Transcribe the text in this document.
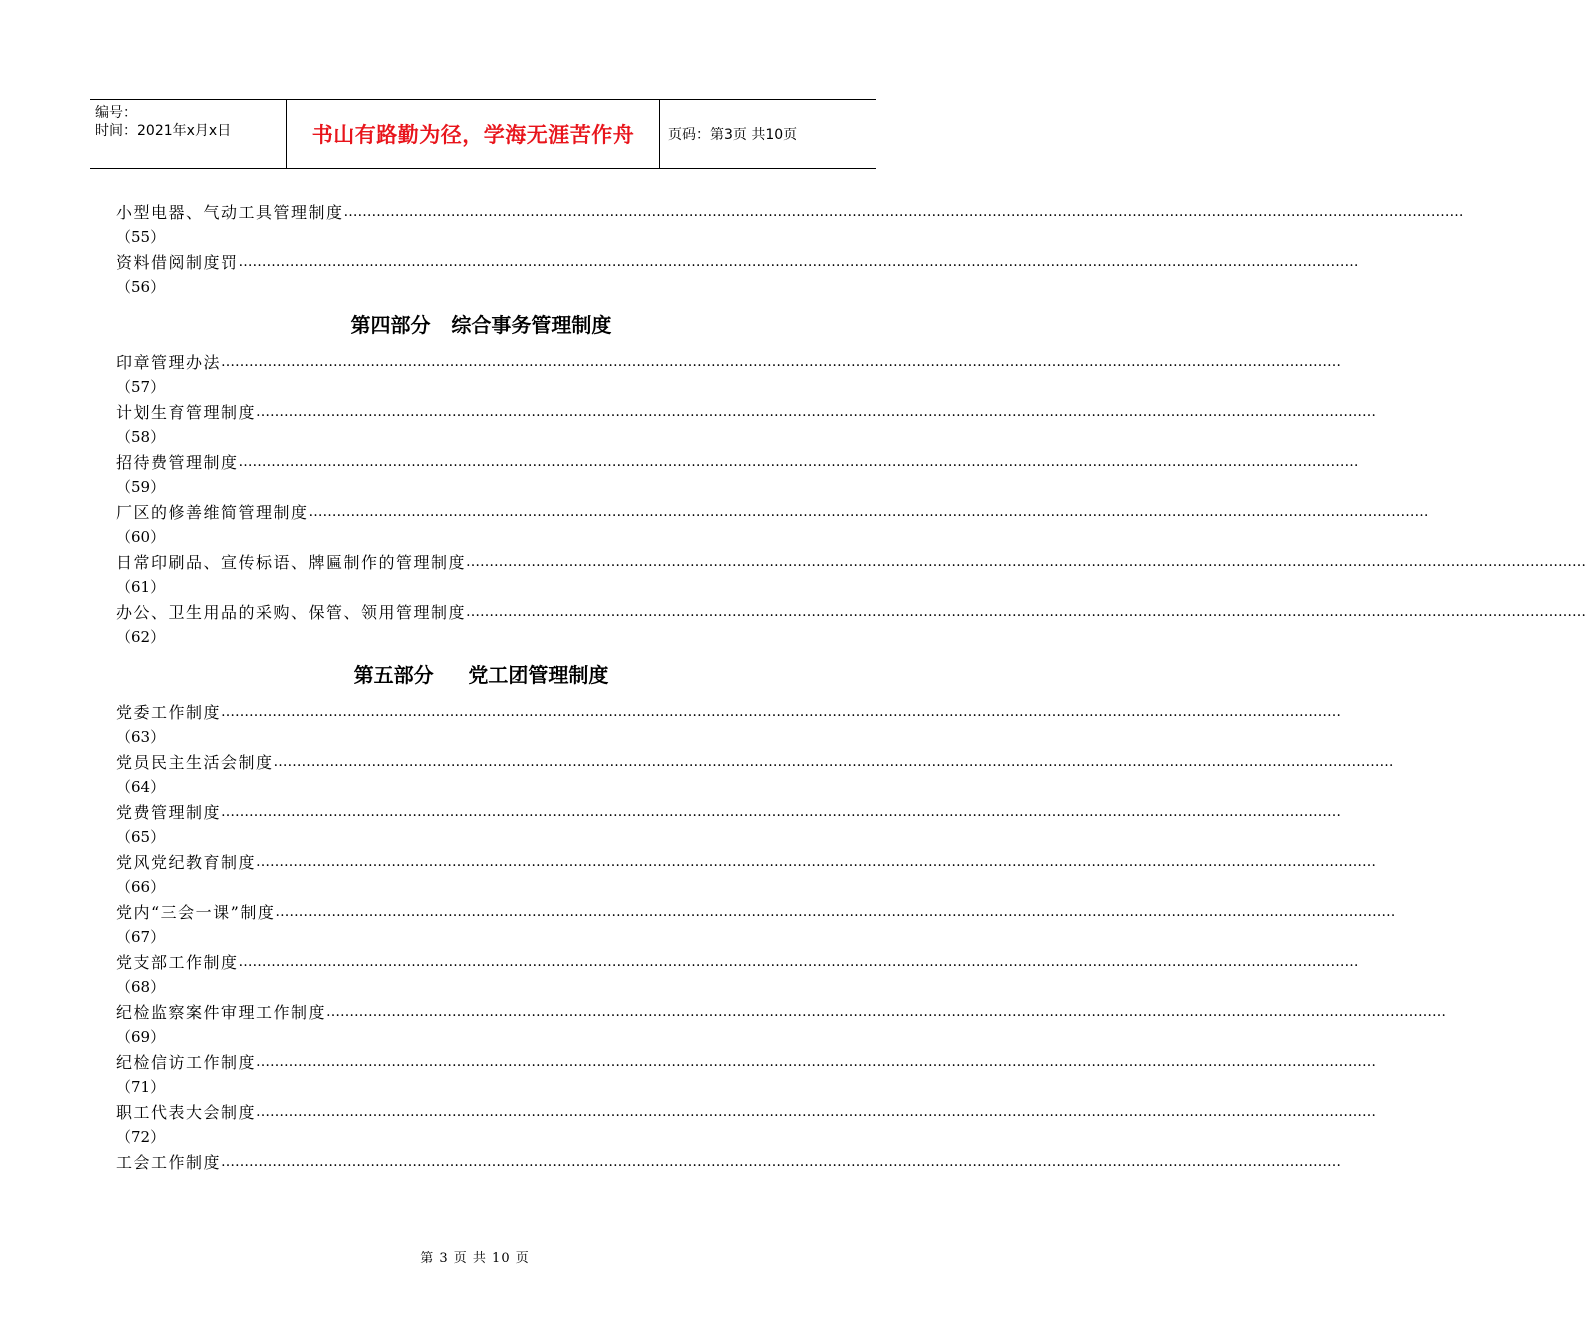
编号：
时间：2021年x月x日	书山有路勤为径，学海无涯苦作舟 页码：第3页 共10页
小型电器、气动工具管理制度 ……………………………………………………………………………………………………………………………………………………………………………………………………………………
（55）
资料借阅制度罚 ……………………………………………………………………………………………………………………………………………………………………………………………………………………
（56）
第四部分   综合事务管理制度
印章管理办法 ……………………………………………………………………………………………………………………………………………………………………………………………………………………
（57）
计划生育管理制度 ……………………………………………………………………………………………………………………………………………………………………………………………………………………
（58）
招待费管理制度 ……………………………………………………………………………………………………………………………………………………………………………………………………………………
（59）
厂区的修善维简管理制度 ……………………………………………………………………………………………………………………………………………………………………………………………………………………
（60）
日常印刷品、宣传标语、牌匾制作的管理制度 ……………………………………………………………………………………………………………………………………………………………………………………………………………………
（61）
办公、卫生用品的采购、保管、领用管理制度 ……………………………………………………………………………………………………………………………………………………………………………………………………………………
（62）
第五部分     党工团管理制度
党委工作制度 ……………………………………………………………………………………………………………………………………………………………………………………………………………………
（63）
党员民主生活会制度 ……………………………………………………………………………………………………………………………………………………………………………………………………………………
（64）
党费管理制度 ……………………………………………………………………………………………………………………………………………………………………………………………………………………
（65）
党风党纪教育制度 ……………………………………………………………………………………………………………………………………………………………………………………………………………………
（66）
党内“三会一课”制度 ……………………………………………………………………………………………………………………………………………………………………………………………………………………
（67）
党支部工作制度 ……………………………………………………………………………………………………………………………………………………………………………………………………………………
（68）
纪检监察案件审理工作制度 ……………………………………………………………………………………………………………………………………………………………………………………………………………………
（69）
纪检信访工作制度 ……………………………………………………………………………………………………………………………………………………………………………………………………………………
（71）
职工代表大会制度 ……………………………………………………………………………………………………………………………………………………………………………………………………………………
（72）
工会工作制度 ……………………………………………………………………………………………………………………………………………………………………………………………………………………
第 3 页 共 10 页
